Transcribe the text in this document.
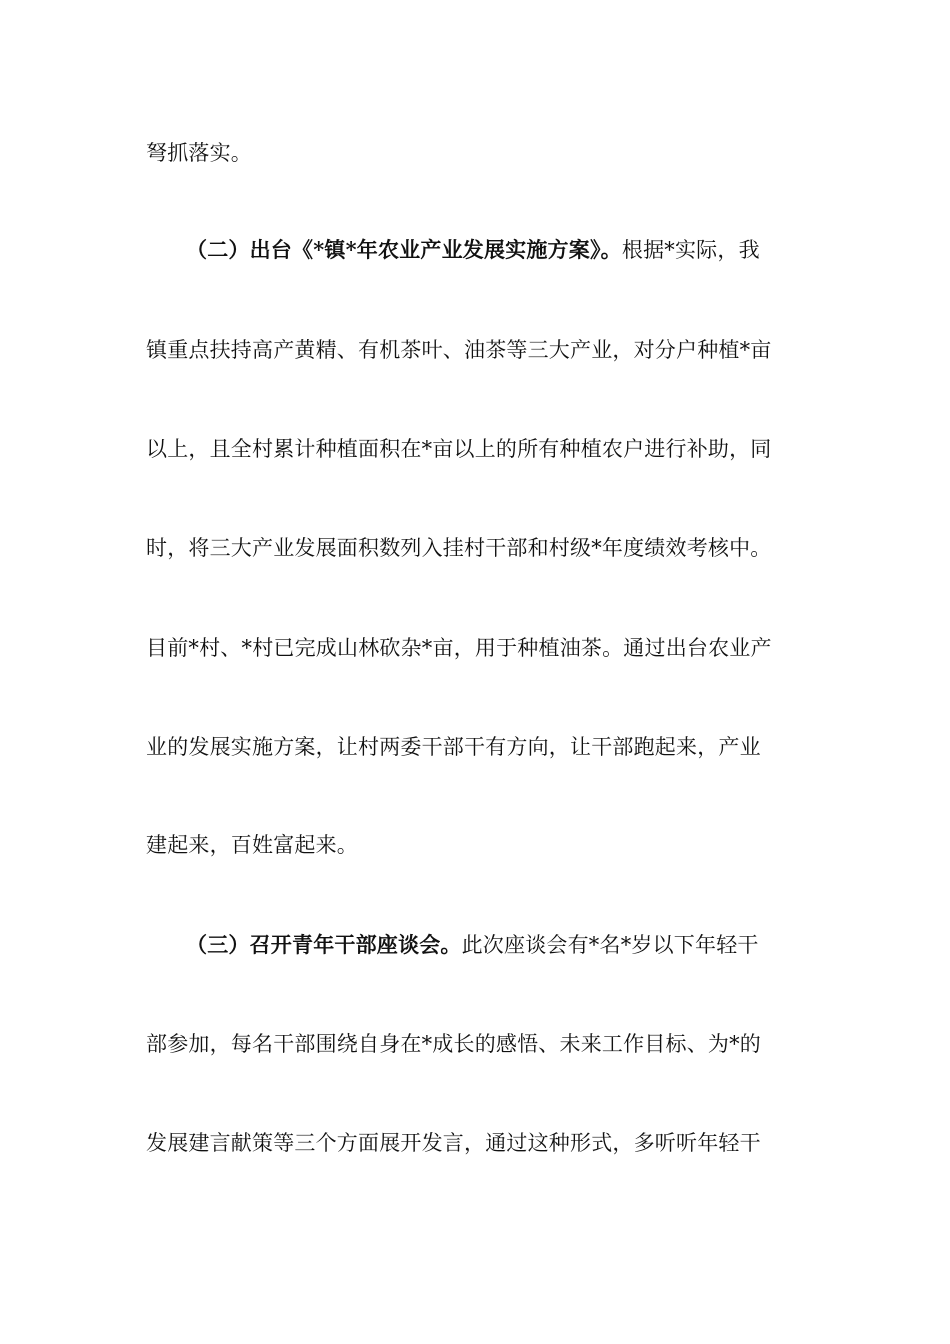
弩抓落实。
（二）出台《*镇*年农业产业发展实施方案》。根据*实际，我
镇重点扶持高产黄精、有机茶叶、油茶等三大产业，对分户种植*亩
以上，且全村累计种植面积在*亩以上的所有种植农户进行补助，同
时，将三大产业发展面积数列入挂村干部和村级*年度绩效考核中。
目前*村、*村已完成山林砍杂*亩，用于种植油茶。通过出台农业产
业的发展实施方案，让村两委干部干有方向，让干部跑起来，产业
建起来，百姓富起来。
（三）召开青年干部座谈会。此次座谈会有*名*岁以下年轻干
部参加，每名干部围绕自身在*成长的感悟、未来工作目标、为*的
发展建言献策等三个方面展开发言，通过这种形式，多听听年轻干
